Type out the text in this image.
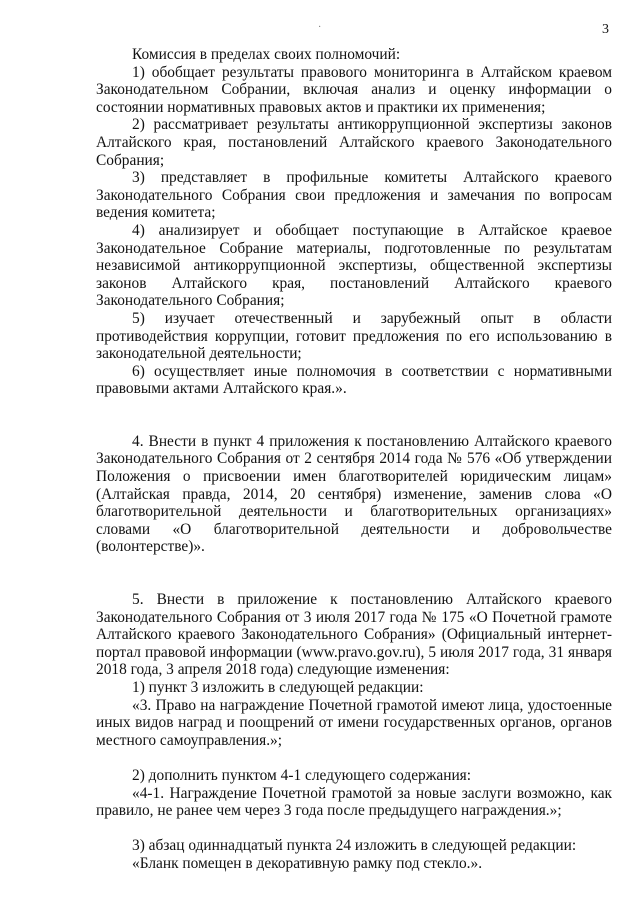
3
·

Комиссия в пределах своих полномочий:

1) обобщает результаты правового мониторинга в Алтайском краевом Законодательном Собрании, включая анализ и оценку информации о состоянии нормативных правовых актов и практики их применения;

2) рассматривает результаты антикоррупционной экспертизы законов Алтайского края, постановлений Алтайского краевого Законодательного Собрания;

3) представляет в профильные комитеты Алтайского краевого Законодательного Собрания свои предложения и замечания по вопросам ведения комитета;

4) анализирует и обобщает поступающие в Алтайское краевое Законодательное Собрание материалы, подготовленные по результатам независимой антикоррупционной экспертизы, общественной экспертизы законов Алтайского края, постановлений Алтайского краевого Законодательного Собрания;

5) изучает отечественный и зарубежный опыт в области противодействия коррупции, готовит предложения по его использованию в законодательной деятельности;

6) осуществляет иные полномочия в соответствии с нормативными правовыми актами Алтайского края.».

4. Внести в пункт 4 приложения к постановлению Алтайского краевого Законодательного Собрания от 2 сентября 2014 года № 576 «Об утверждении Положения о присвоении имен благотворителей юридическим лицам» (Алтайская правда, 2014, 20 сентября) изменение, заменив слова «О благотворительной деятельности и благотворительных организациях» словами «О благотворительной деятельности и добровольчестве (волонтерстве)».

5. Внести в приложение к постановлению Алтайского краевого Законодательного Собрания от 3 июля 2017 года № 175 «О Почетной грамоте Алтайского краевого Законодательного Собрания» (Официальный интернет-портал правовой информации (www.pravo.gov.ru), 5 июля 2017 года, 31 января 2018 года, 3 апреля 2018 года) следующие изменения:

1) пункт 3 изложить в следующей редакции:

«3. Право на награждение Почетной грамотой имеют лица, удостоенные иных видов наград и поощрений от имени государственных органов, органов местного самоуправления.»;

2) дополнить пунктом 4-1 следующего содержания:

«4-1. Награждение Почетной грамотой за новые заслуги возможно, как правило, не ранее чем через 3 года после предыдущего награждения.»;

3) абзац одиннадцатый пункта 24 изложить в следующей редакции:

«Бланк помещен в декоративную рамку под стекло.».
